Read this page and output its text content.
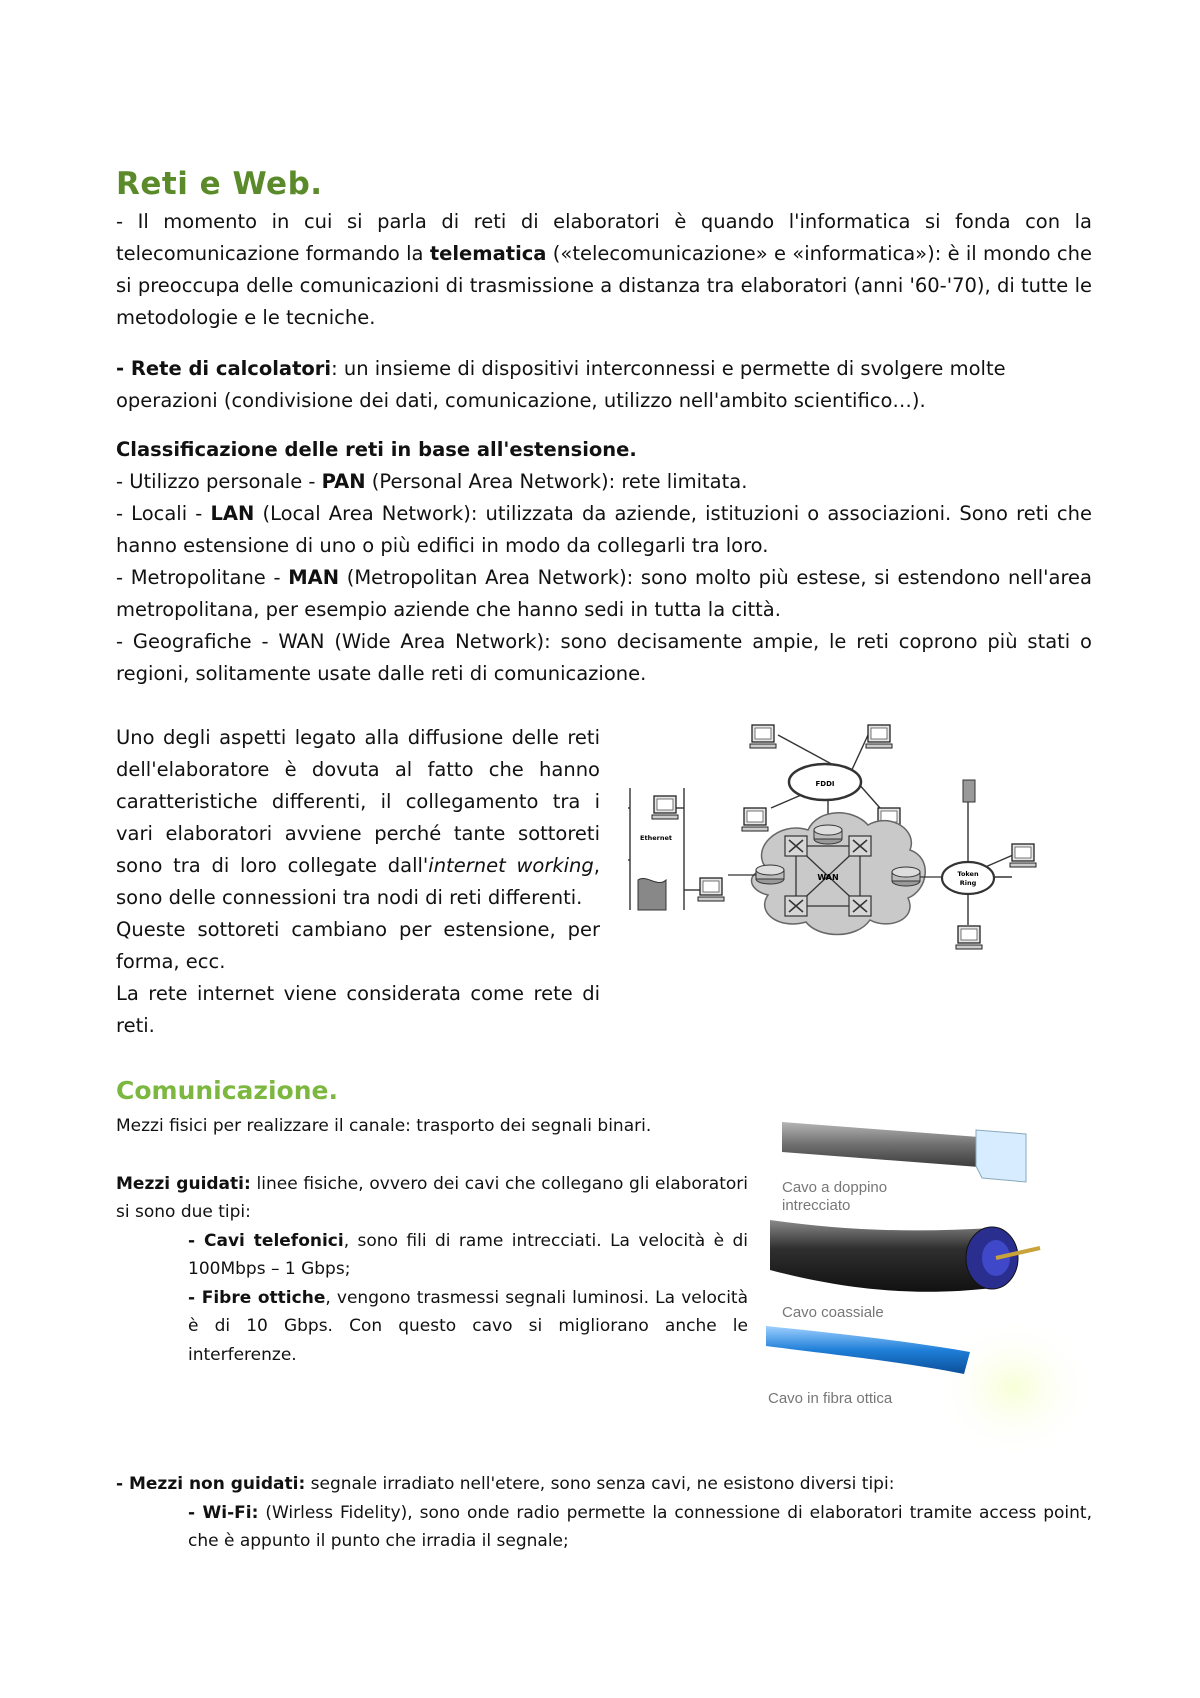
Reti e Web.

- Il momento in cui si parla di reti di elaboratori è quando l'informatica si fonda con la telecomunicazione formando la telematica («telecomunicazione» e «informatica»): è il mondo che si preoccupa delle comunicazioni di trasmissione a distanza tra elaboratori (anni '60-'70), di tutte le metodologie e le tecniche.

- Rete di calcolatori: un insieme di dispositivi interconnessi e permette di svolgere molte operazioni (condivisione dei dati, comunicazione, utilizzo nell'ambito scientifico…).

Classificazione delle reti in base all'estensione.
- Utilizzo personale - PAN (Personal Area Network): rete limitata.
- Locali - LAN (Local Area Network): utilizzata da aziende, istituzioni o associazioni. Sono reti che hanno estensione di uno o più edifici in modo da collegarli tra loro.
- Metropolitane - MAN (Metropolitan Area Network): sono molto più estese, si estendono nell'area metropolitana, per esempio aziende che hanno sedi in tutta la città.
- Geografiche - WAN (Wide Area Network): sono decisamente ampie, le reti coprono più stati o regioni, solitamente usate dalle reti di comunicazione.
Uno degli aspetti legato alla diffusione delle reti dell'elaboratore è dovuta al fatto che hanno caratteristiche differenti, il collegamento tra i vari elaboratori avviene perché tante sottoreti sono tra di loro collegate dall'internet working, sono delle connessioni tra nodi di reti differenti.
Queste sottoreti cambiano per estensione, per forma, ecc.
La rete internet viene considerata come rete di reti.
FDDI
WAN
Ethernet
Token
Ring
Comunicazione.
Mezzi fisici per realizzare il canale: trasporto dei segnali binari.
Mezzi guidati: linee fisiche, ovvero dei cavi che collegano gli elaboratori si sono due tipi:
- Cavi telefonici, sono fili di rame intrecciati. La velocità è di 100Mbps – 1 Gbps;
- Fibre ottiche, vengono trasmessi segnali luminosi. La velocità è di 10 Gbps. Con questo cavo si migliorano anche le interferenze.
Cavo a doppino intrecciato
Cavo coassiale
Cavo in fibra ottica
- Mezzi non guidati: segnale irradiato nell'etere, sono senza cavi, ne esistono diversi tipi:
- Wi-Fi: (Wirless Fidelity), sono onde radio permette la connessione di elaboratori tramite access point, che è appunto il punto che irradia il segnale;
